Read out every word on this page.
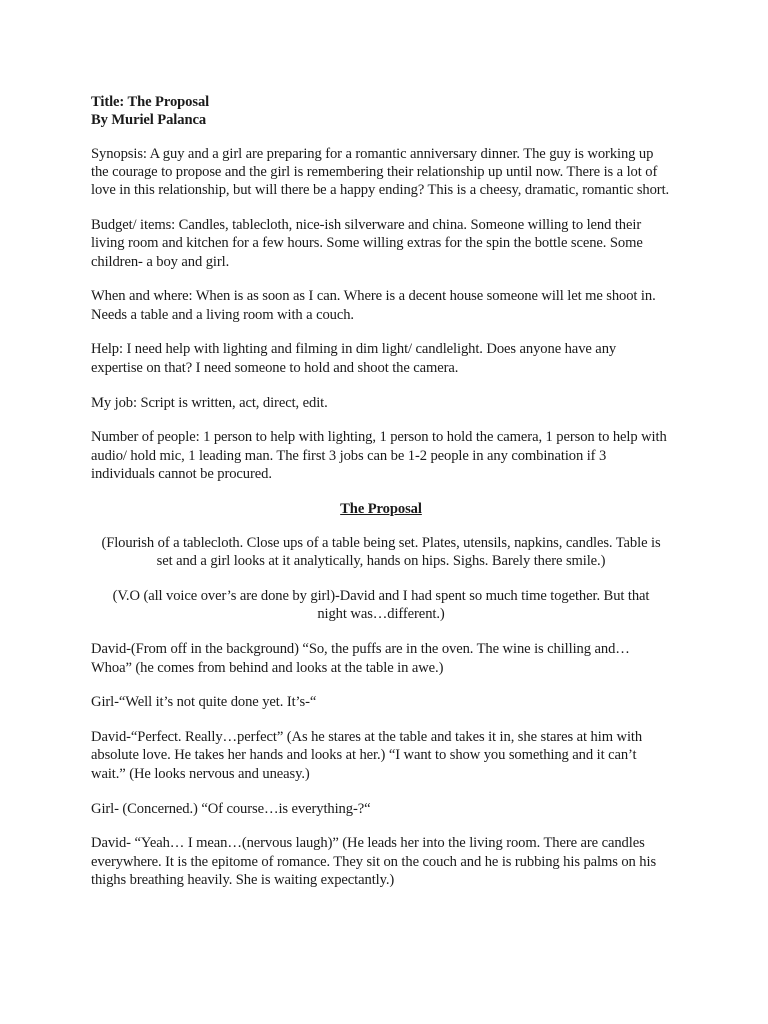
Title: The Proposal
By Muriel Palanca

Synopsis: A guy and a girl are preparing for a romantic anniversary dinner. The guy is working up the courage to propose and the girl is remembering their relationship up until now. There is a lot of love in this relationship, but will there be a happy ending? This is a cheesy, dramatic, romantic short.

Budget/ items: Candles, tablecloth, nice-ish silverware and china. Someone willing to lend their living room and kitchen for a few hours. Some willing extras for the spin the bottle scene. Some children- a boy and girl.

When and where: When is as soon as I can. Where is a decent house someone will let me shoot in. Needs a table and a living room with a couch.

Help: I need help with lighting and filming in dim light/ candlelight. Does anyone have any expertise on that? I need someone to hold and shoot the camera.

My job: Script is written, act, direct, edit.

Number of people: 1 person to help with lighting, 1 person to hold the camera, 1 person to help with audio/ hold mic, 1 leading man. The first 3 jobs can be 1-2 people in any combination if 3 individuals cannot be procured.

The Proposal

(Flourish of a tablecloth. Close ups of a table being set. Plates, utensils, napkins, candles. Table is set and a girl looks at it analytically, hands on hips. Sighs. Barely there smile.)

(V.O (all voice over’s are done by girl)-David and I had spent so much time together. But that night was…different.)

David-(From off in the background) “So, the puffs are in the oven. The wine is chilling and… Whoa” (he comes from behind and looks at the table in awe.)

Girl-“Well it’s not quite done yet. It’s-“

David-“Perfect. Really…perfect” (As he stares at the table and takes it in, she stares at him with absolute love. He takes her hands and looks at her.) “I want to show you something and it can’t wait.” (He looks nervous and uneasy.)

Girl- (Concerned.) “Of course…is everything-?“

David- “Yeah… I mean…(nervous laugh)” (He leads her into the living room. There are candles everywhere. It is the epitome of romance. They sit on the couch and he is rubbing his palms on his thighs breathing heavily. She is waiting expectantly.)
